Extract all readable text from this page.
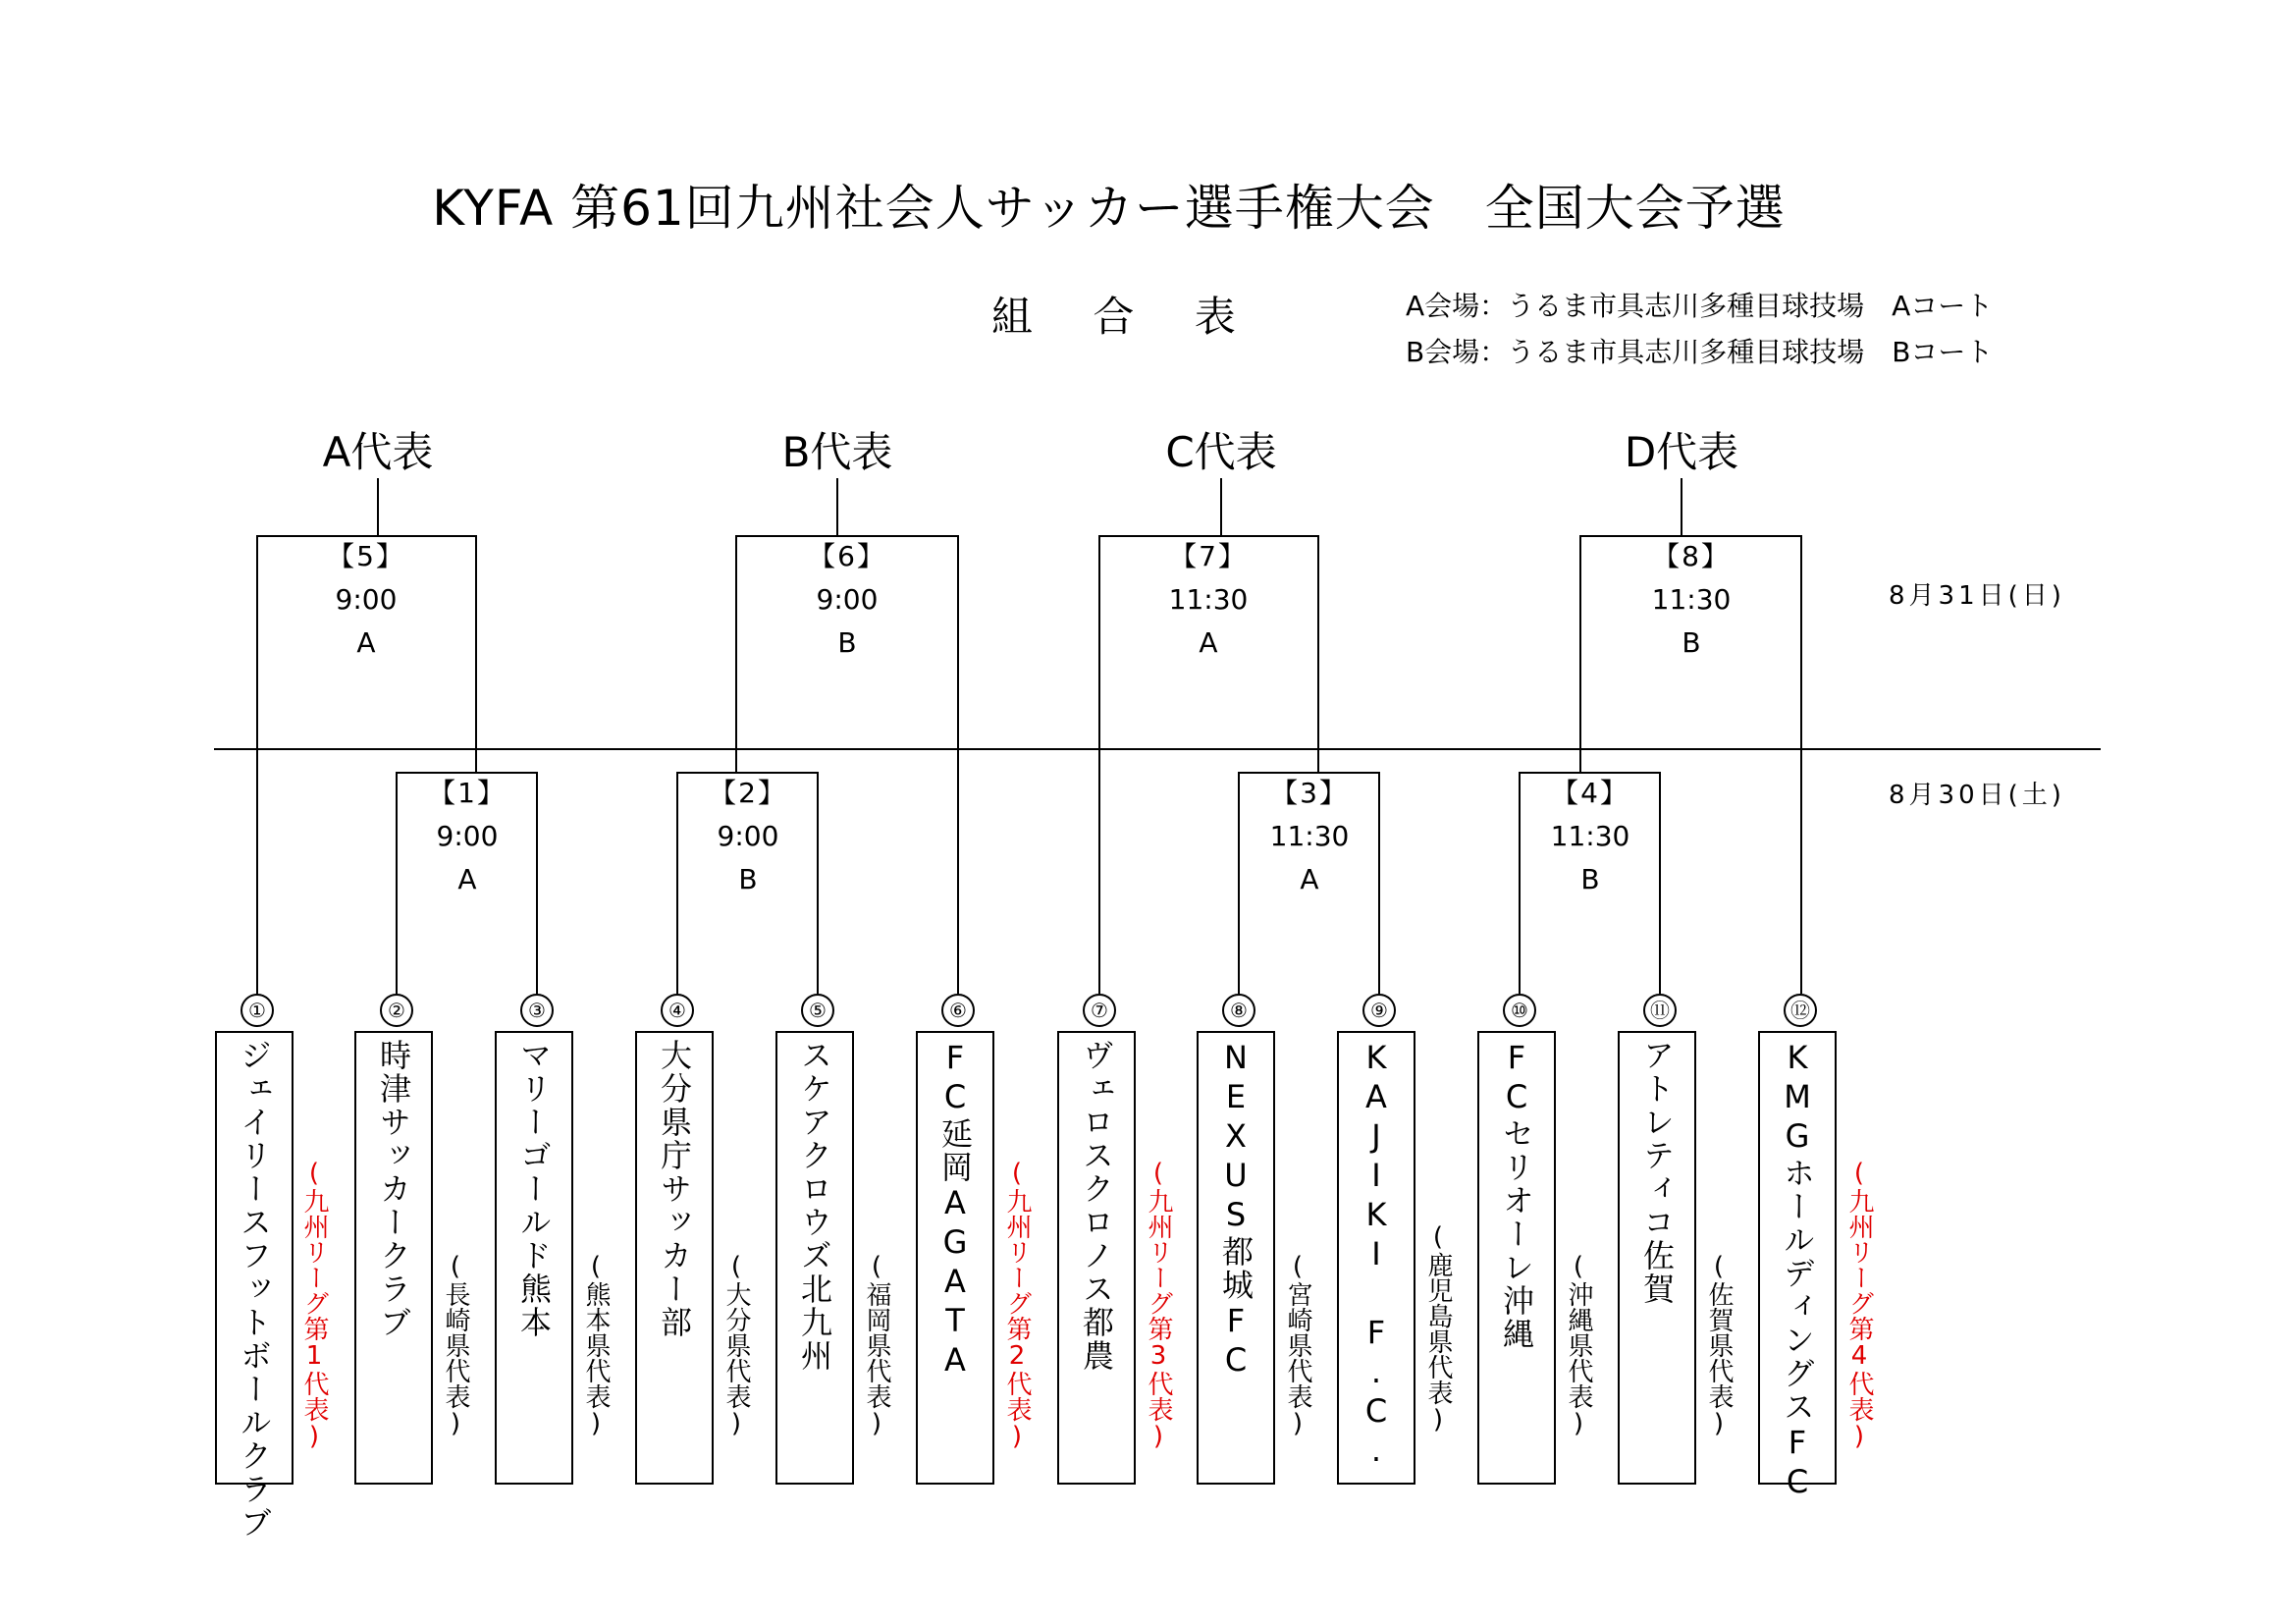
KYFA 第61回九州社会人サッカー選手権大会　全国大会予選
組 合 表	A会場：うるま市具志川多種目球技場　Aコート
B会場：うるま市具志川多種目球技場　Bコート
A代表	B代表	C代表	D代表
8月31日(日)
8月30日(土)
【5】
9:00
A
【6】
9:00
B
【7】
11:30
A
【8】
11:30
B
【1】
9:00
A
【2】
9:00
B
【3】
11:30
A
【4】
11:30
B
①
ジェイリースフットボールクラブ (九州リーグ第1代表)
②
時津サッカークラブ
(長崎県代表)
③
マリーゴールド熊本
(熊本県代表)
④
大分県庁サッカー部
(大分県代表)
⑤
スケアクロウズ北九州 (福岡県代表)
⑥
FC延岡AGATA (九州リーグ第2代表)
⑦
ヴェロスクロノス都農 (九州リーグ第3代表)
⑧
NEXUS都城FC (宮崎県代表)
⑨
KAJIKI F.C. (鹿児島県代表)
⑩
FCセリオーレ沖縄 (沖縄県代表)
⑪
アトレティコ佐賀
(佐賀県代表)
⑫
KMGホールディングスFC (九州リーグ第4代表)
